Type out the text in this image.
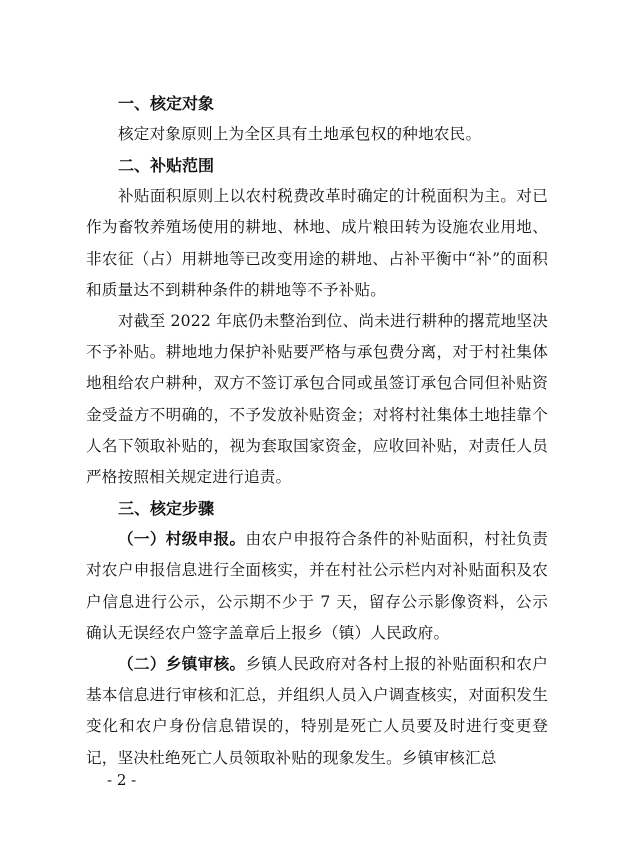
一、核定对象

核定对象原则上为全区具有土地承包权的种地农民。

二、补贴范围

补贴面积原则上以农村税费改革时确定的计税面积为主。对已作为畜牧养殖场使用的耕地、林地、成片粮田转为设施农业用地、非农征（占）用耕地等已改变用途的耕地、占补平衡中“补”的面积和质量达不到耕种条件的耕地等不予补贴。

对截至 2022 年底仍未整治到位、尚未进行耕种的撂荒地坚决不予补贴。耕地地力保护补贴要严格与承包费分离，对于村社集体地租给农户耕种，双方不签订承包合同或虽签订承包合同但补贴资金受益方不明确的，不予发放补贴资金；对将村社集体土地挂靠个人名下领取补贴的，视为套取国家资金，应收回补贴，对责任人员严格按照相关规定进行追责。

三、核定步骤

（一）村级申报。由农户申报符合条件的补贴面积，村社负责对农户申报信息进行全面核实，并在村社公示栏内对补贴面积及农户信息进行公示，公示期不少于 7 天，留存公示影像资料，公示确认无误经农户签字盖章后上报乡（镇）人民政府。

（二）乡镇审核。乡镇人民政府对各村上报的补贴面积和农户基本信息进行审核和汇总，并组织人员入户调查核实，对面积发生变化和农户身份信息错误的，特别是死亡人员要及时进行变更登记，坚决杜绝死亡人员领取补贴的现象发生。乡镇审核汇总

- 2 -
